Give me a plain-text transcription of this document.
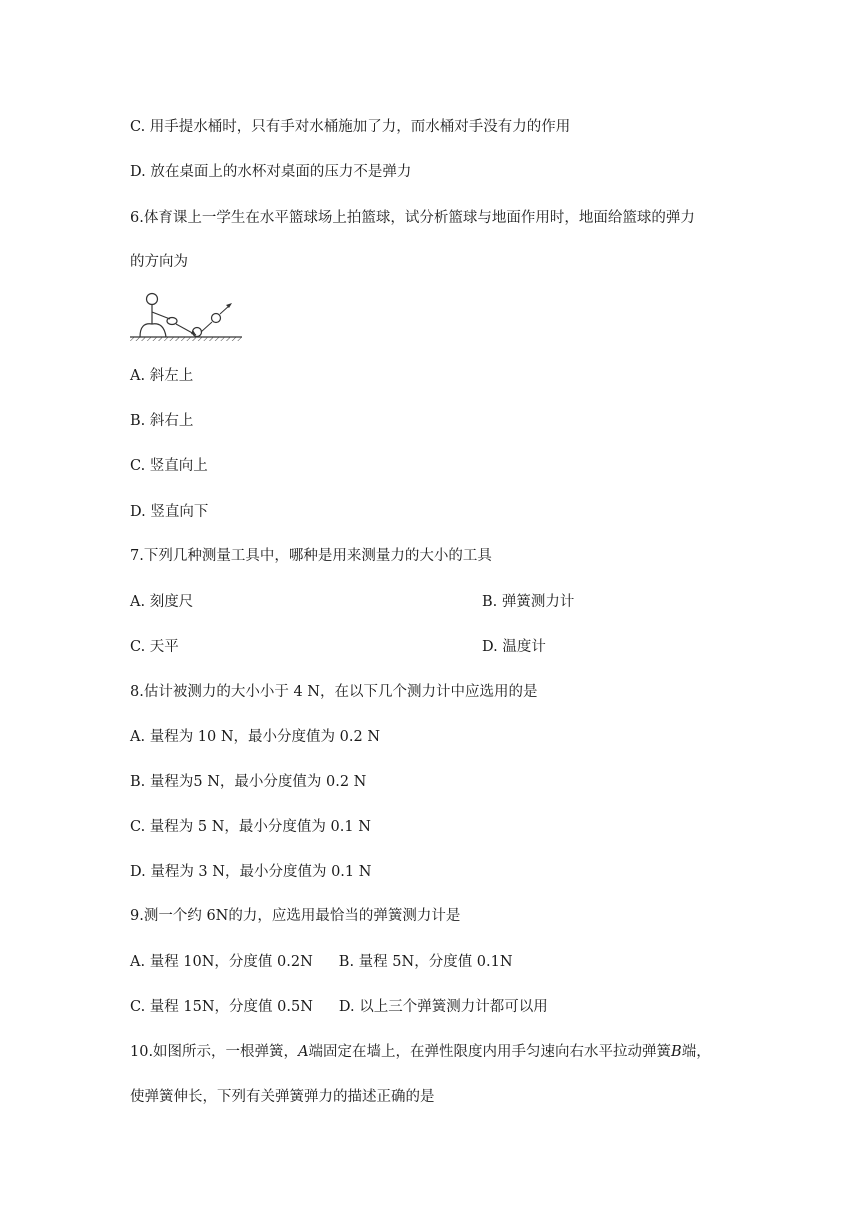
C. 用手提水桶时，只有手对水桶施加了力，而水桶对手没有力的作用
D. 放在桌面上的水杯对桌面的压力不是弹力
6.体育课上一学生在水平篮球场上拍篮球，试分析篮球与地面作用时，地面给篮球的弹力
的方向为
A. 斜左上
B. 斜右上
C. 竖直向上
D. 竖直向下
7.下列几种测量工具中，哪种是用来测量力的大小的工具
A. 刻度尺	B. 弹簧测力计
C. 天平	D. 温度计
8.估计被测力的大小小于 4 N，在以下几个测力计中应选用的是
A. 量程为 10 N，最小分度值为 0.2 N
B. 量程为5 N，最小分度值为 0.2 N
C. 量程为 5 N，最小分度值为 0.1 N
D. 量程为 3 N，最小分度值为 0.1 N
9.测一个约 6N的力，应选用最恰当的弹簧测力计是
A. 量程 10N，分度值 0.2N B. 量程 5N，分度值 0.1N
C. 量程 15N，分度值 0.5N D. 以上三个弹簧测力计都可以用
10.如图所示，一根弹簧，A端固定在墙上，在弹性限度内用手匀速向右水平拉动弹簧B端，
使弹簧伸长，下列有关弹簧弹力的描述正确的是
